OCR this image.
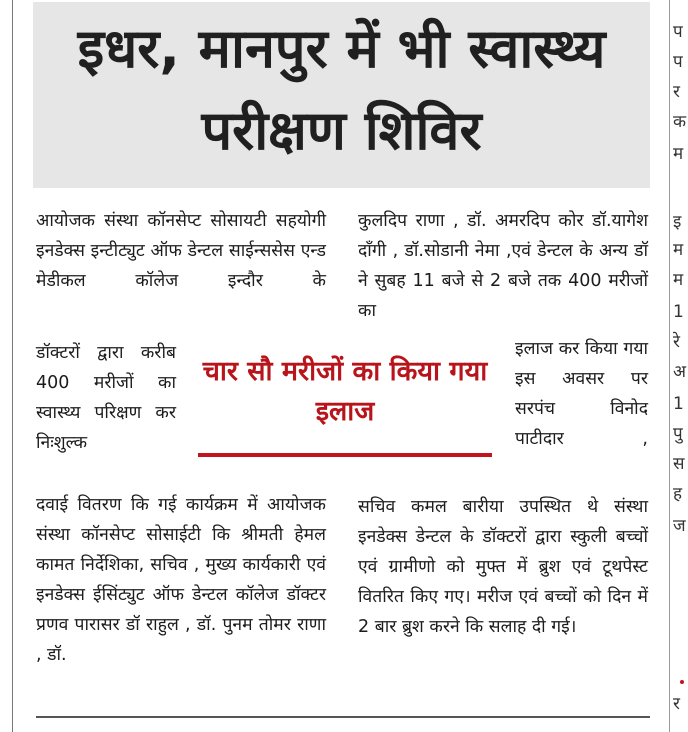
इधर, मानपुर में भी स्वास्थ्य परीक्षण शिविर
आयोजक संस्था कॉनसेप्ट सोसायटी सहयोगी इनडेक्स इन्टीट्युट ऑफ डेन्टल साईन्ससेस एन्ड मेडीकल कॉलेज इन्दौर के
डॉक्टरों द्वारा करीब 400 मरीजों का स्वास्थ्य परिक्षण कर निःशुल्क
दवाई वितरण कि गई कार्यक्रम में आयोजक संस्था कॉनसेप्ट सोसाईटी कि श्रीमती हेमल कामत निर्देशिका, सचिव , मुख्य कार्यकारी एवं इनडेक्स ईसिंट्युट ऑफ डेन्टल कॉलेज डॉक्टर प्रणव पारासर डॉ राहुल , डॉ. पुनम तोमर राणा , डॉ.
कुलदिप राणा , डॉ. अमरदिप कोर डॉ.यागेश दाँगी , डॉ.सोडानी नेमा ,एवं डेन्टल के अन्य डॉ ने सुबह 11 बजे से 2 बजे तक 400 मरीजों का
इलाज कर किया गया इस अवसर पर सरपंच विनोद पाटीदार ,
सचिव कमल बारीया उपस्थित थे संस्था इनडेक्स डेन्टल के डॉक्टरों द्वारा स्कुली बच्चों एवं ग्रामीणो को मुफ्त में ब्रुश एवं टूथपेस्ट वितरित किए गए। मरीज एवं बच्चों को दिन में 2 बार ब्रुश करने कि सलाह दी गई।
चार सौ मरीजों का किया गया इलाज
प
प
र
क
म
इ
म
म
1
रे
अ
1
पु
स
ह
ज
र
